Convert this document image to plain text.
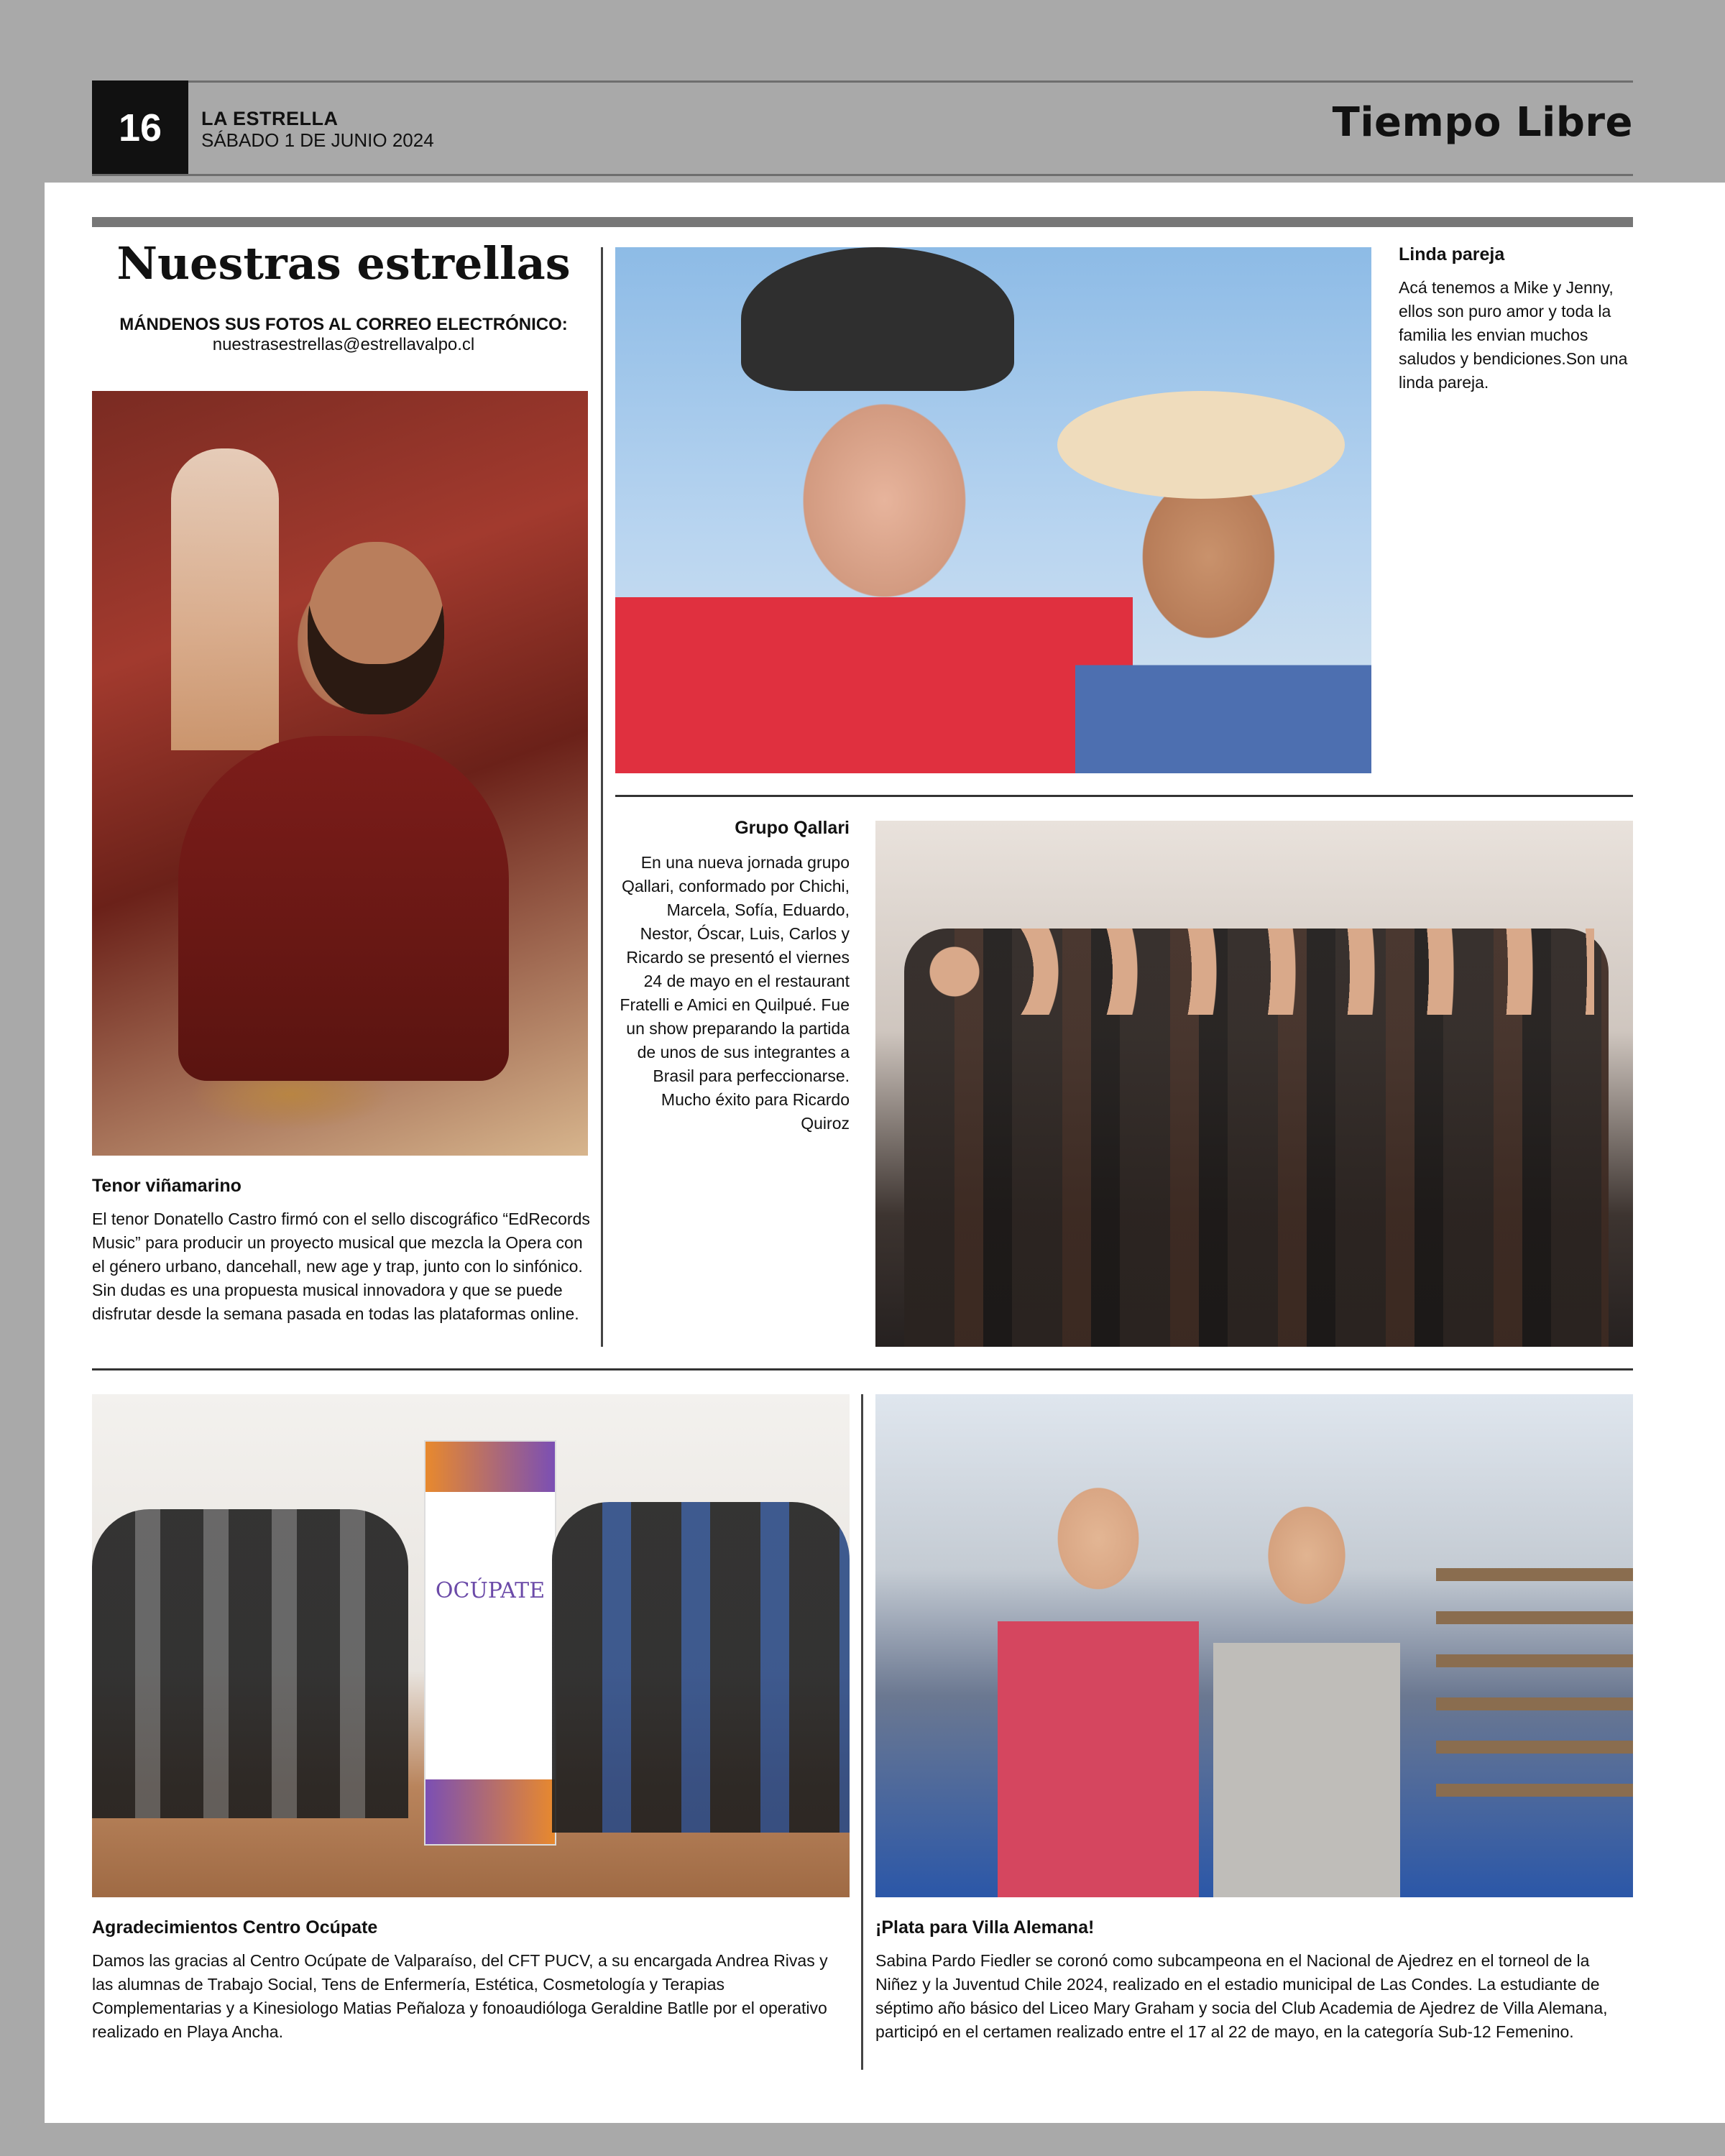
16	LA ESTRELLA
SÁBADO 1 DE JUNIO 2024	Tiempo Libre
Nuestras estrellas
MÁNDENOS SUS FOTOS AL CORREO ELECTRÓNICO:
nuestrasestrellas@estrellavalpo.cl
Tenor viñamarino
El tenor Donatello Castro firmó con el sello discográfico “EdRecords Music” para producir un proyecto musical que mezcla la Opera con el género urbano, dancehall, new age y trap, junto con lo sinfónico. Sin dudas es una propuesta musical innovadora y que se puede disfrutar desde la semana pasada en todas las plataformas online.
Linda pareja
Acá tenemos a Mike y Jenny, ellos son puro amor y toda la familia les envian muchos saludos y bendiciones.Son una linda pareja.
Grupo Qallari
En una nueva jornada grupo Qallari, conformado por Chichi, Marcela, Sofía, Eduardo, Nestor, Óscar, Luis, Carlos y Ricardo se presentó el viernes 24 de mayo en el restaurant Fratelli e Amici en Quilpué. Fue un show preparando la partida de unos de sus integrantes a Brasil para perfeccionarse. Mucho éxito para Ricardo Quiroz
OCÚPATE
Agradecimientos Centro Ocúpate
Damos las gracias al Centro Ocúpate de Valparaíso, del CFT PUCV, a su encargada Andrea Rivas y las alumnas de Trabajo Social, Tens de Enfermería, Estética, Cosmetología y Terapias Complementarias y a Kinesiologo Matias Peñaloza y fonoaudióloga Geraldine Batlle por el operativo realizado en Playa Ancha.
¡Plata para Villa Alemana!
Sabina Pardo Fiedler se coronó como subcampeona en el Nacional de Ajedrez en el torneol de la Niñez y la Juventud Chile 2024, realizado en el estadio municipal de Las Condes. La estudiante de séptimo año básico del Liceo Mary Graham y socia del Club Academia de Ajedrez de Villa Alemana, participó en el certamen realizado entre el 17 al 22 de mayo, en la categoría Sub-12 Femenino.
